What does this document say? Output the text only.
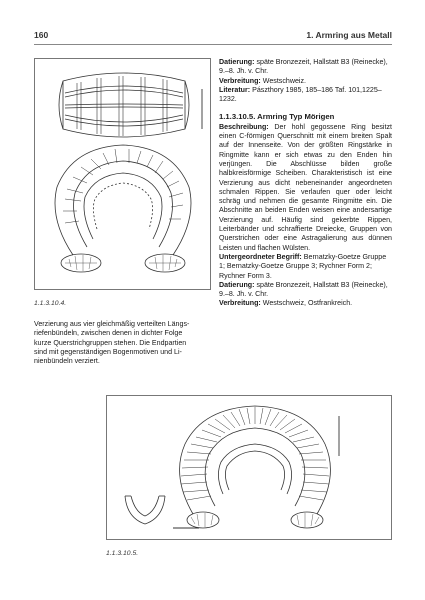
160	1. Armring aus Metall
1.1.3.10.4.

Verzierung aus vier gleichmäßig verteilten Längs-

riefenbündeln, zwischen denen in dichter Folge

kurze Querstrichgruppen stehen. Die Endpartien

sind mit gegenständigen Bogenmotiven und Li-

nienbündeln verziert.

Datierung: späte Bronzezeit, Hallstatt B3 (Reinecke), 9.–8. Jh. v. Chr.

Verbreitung: Westschweiz.

Literatur: Pászthory 1985, 185–186 Taf. 101,1225–1232.

1.1.3.10.5. Armring Typ Mörigen

Beschreibung: Der hohl gegossene Ring besitzt einen C-förmigen Querschnitt mit einem breiten Spalt auf der Innenseite. Von der größten Ringstärke in Ringmitte kann er sich etwas zu den Enden hin verjüngen. Die Abschlüsse bilden große halbkreisförmige Scheiben. Charakteristisch ist eine Verzierung aus dicht nebeneinander angeordneten schmalen Rippen. Sie verlaufen quer oder leicht schräg und nehmen die gesamte Ringmitte ein. Die Abschnitte an beiden Enden weisen eine andersartige Verzierung auf. Häufig sind gekerbte Rippen, Leiterbänder und schraffierte Dreiecke, Gruppen von Querstrichen oder eine Astragalierung aus dünnen Leisten und flachen Wülsten.

Untergeordneter Begriff: Bernatzky-Goetze Gruppe 1; Bernatzky-Goetze Gruppe 3; Rychner Form 2; Rychner Form 3.

Datierung: späte Bronzezeit, Hallstatt B3 (Reinecke), 9.–8. Jh. v. Chr.

Verbreitung: Westschweiz, Ostfrankreich.

1.1.3.10.5.
